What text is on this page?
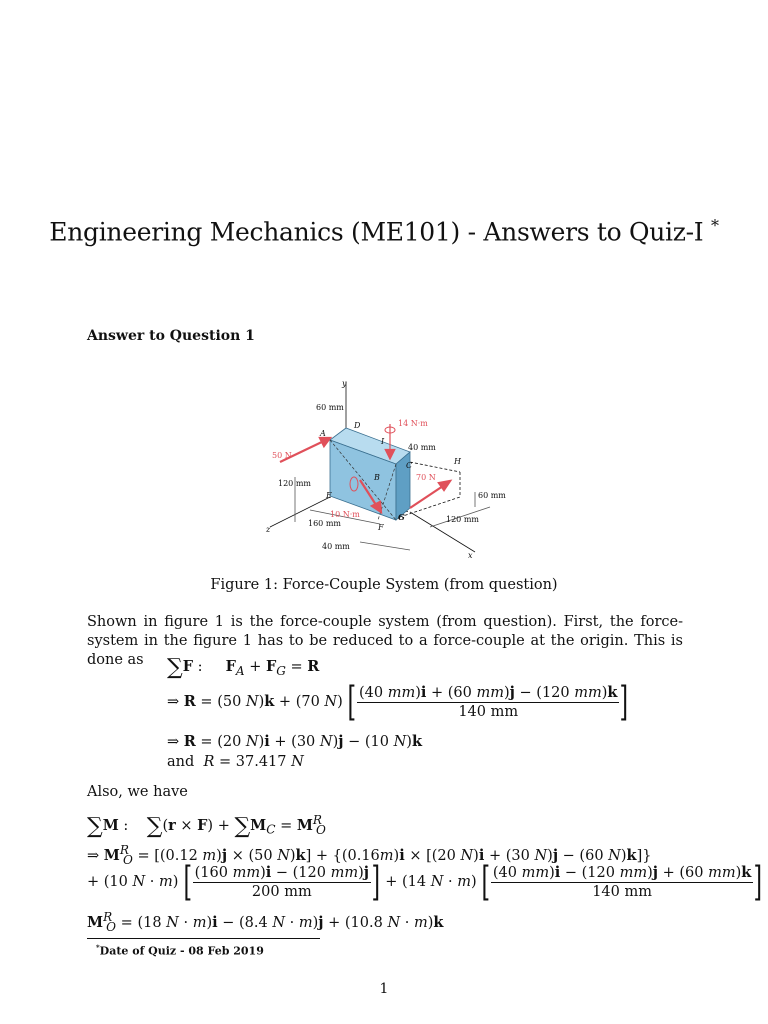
Engineering Mechanics (ME101) - Answers to Quiz-I *
Answer to Question 1
y
x
z
A
B
C
D
E
F
G
H
I
60 mm
40 mm
120 mm
160 mm
40 mm
60 mm
120 mm
50 N
70 N
14 N·m
10 N·m
Figure 1: Force-Couple System (from question)
Shown in figure 1 is the force-couple system (from question). First, the force-system in the figure 1 has to be reduced to a force-couple at the origin. This is done as	∑F :     $F_A + F_G = R$
⇒ R = (50 N)k + (70 N) [ $\frac{(40 mm)i + (60 mm)j - (120 mm)k}{140 mm}$ ]
⇒ R = (20 N)i + (30 N)j − (10 N)k
and R = 37.417 N
Also, we have
∑M :    $\sum(r \times F) + \sum M_C = M^R_O$
⇒ $M^R_O = [(0.12$ m)j × (50 N)k] + {(0.16m)i × [(20 N)i + (30 N)j − (60 N)k]}
+ (10 N · m) [ $\frac{(160 mm)i - (120 mm)j}{200 mm}$ ] + (14 N · m) [ $\frac{(40 mm)i - (120 mm)j + (60 mm)k}{140 mm}$ ]
$M^R_O = (18$ N · m)i − (8.4 N · m)j + (10.8 N · m)k
*Date of Quiz - 08 Feb 2019
1
